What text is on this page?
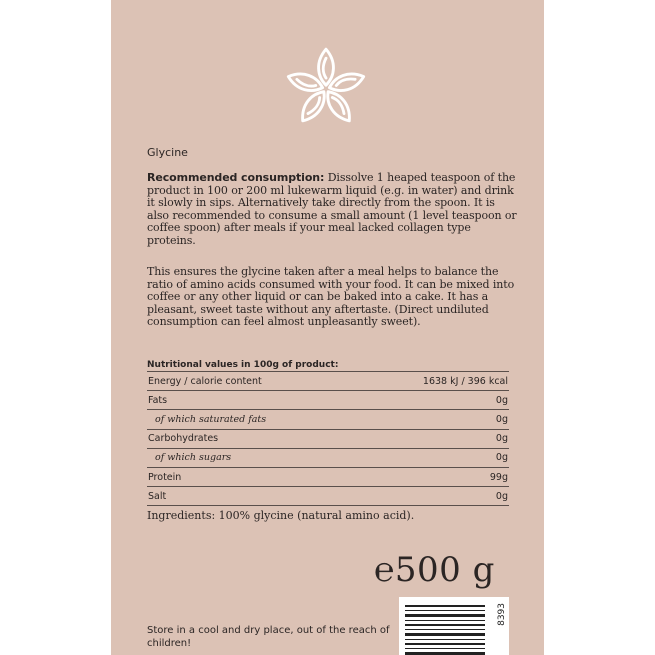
Glycine

Recommended consumption: Dissolve 1 heaped teaspoon of the product in 100 or 200 ml lukewarm liquid (e.g. in water) and drink it slowly in sips. Alternatively take directly from the spoon. It is also recommended to consume a small amount (1 level teaspoon or coffee spoon) after meals if your meal lacked collagen type proteins.

This ensures the glycine taken after a meal helps to balance the ratio of amino acids consumed with your food. It can be mixed into coffee or any other liquid or can be baked into a cake. It has a pleasant, sweet taste without any aftertaste. (Direct undiluted consumption can feel almost unpleasantly sweet).

Nutritional values in 100g of product:
Energy / calorie content	1638 kJ / 396 kcal
Fats	0g
of which saturated fats	0g
Carbohydrates	0g
of which sugars	0g
Protein	99g
Salt	0g
Ingredients: 100% glycine (natural amino acid).
℮500 g
Store in a cool and dry place, out of the reach of children!
8393
